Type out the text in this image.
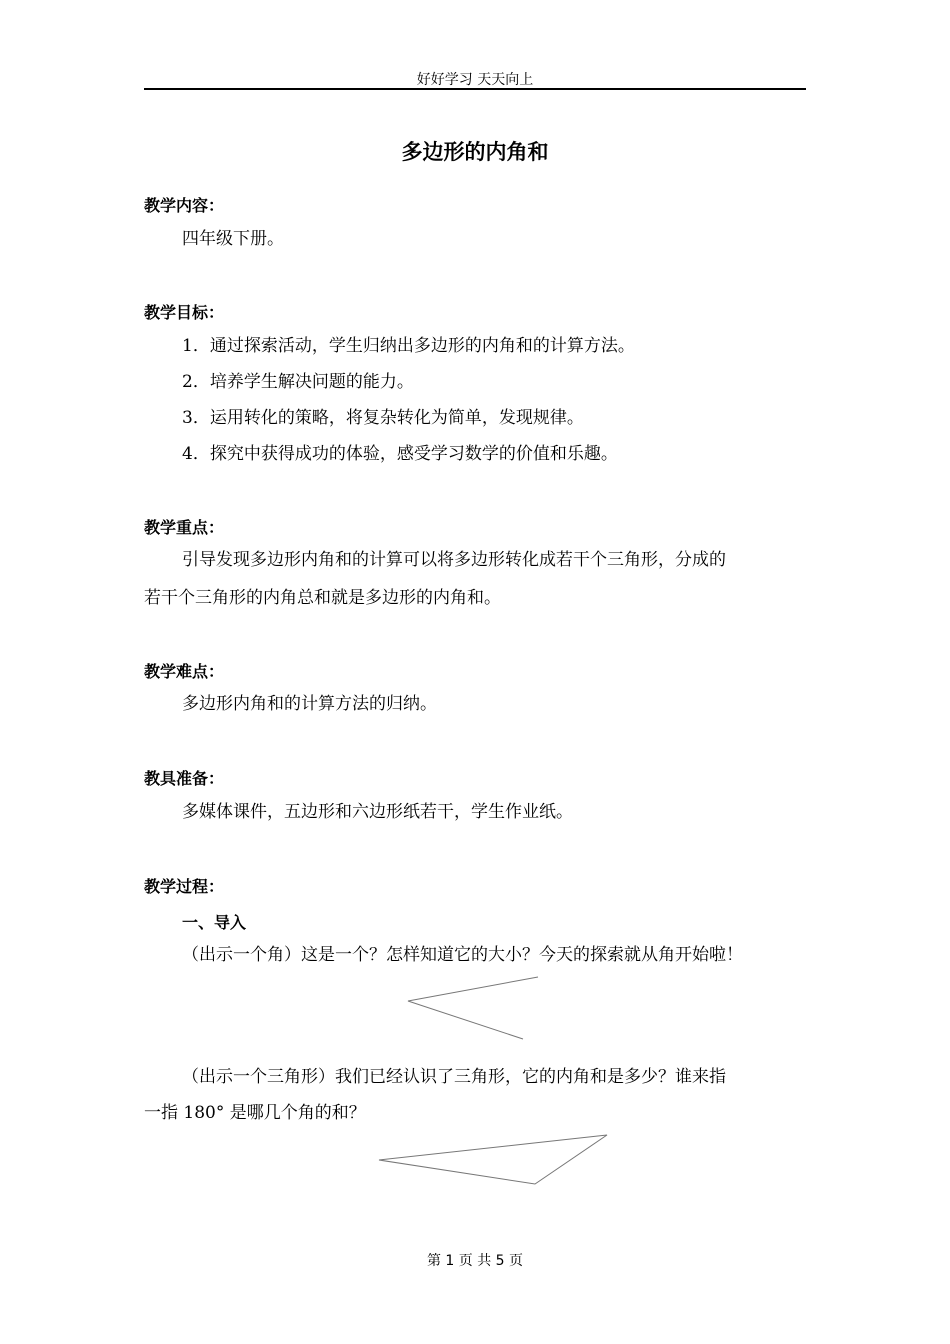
好好学习 天天向上
多边形的内角和
教学内容：
四年级下册。
教学目标：
1．通过探索活动，学生归纳出多边形的内角和的计算方法。
2．培养学生解决问题的能力。
3．运用转化的策略，将复杂转化为简单，发现规律。
4．探究中获得成功的体验，感受学习数学的价值和乐趣。
教学重点：
引导发现多边形内角和的计算可以将多边形转化成若干个三角形，分成的
若干个三角形的内角总和就是多边形的内角和。
教学难点：
多边形内角和的计算方法的归纳。
教具准备：
多媒体课件，五边形和六边形纸若干，学生作业纸。
教学过程：
一、导入
（出示一个角）这是一个？怎样知道它的大小？今天的探索就从角开始啦！
（出示一个三角形）我们已经认识了三角形，它的内角和是多少？谁来指
一指 180° 是哪几个角的和？
第 1 页 共 5 页
